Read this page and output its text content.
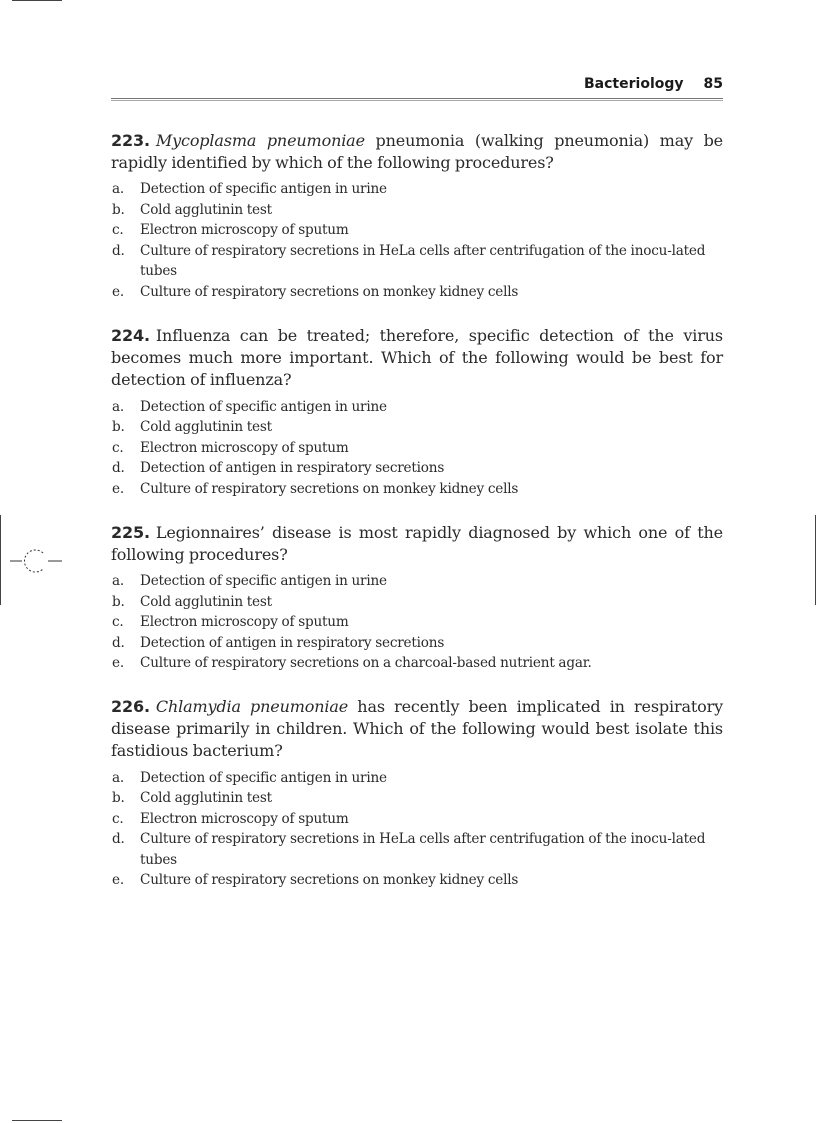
Bacteriology 85

223. Mycoplasma pneumoniae pneumonia (walking pneumonia) may be rapidly identified by which of the following procedures?

a. Detection of specific antigen in urine
b. Cold agglutinin test
c. Electron microscopy of sputum
d. Culture of respiratory secretions in HeLa cells after centrifugation of the inocu-lated tubes
e. Culture of respiratory secretions on monkey kidney cells

224. Influenza can be treated; therefore, specific detection of the virus becomes much more important. Which of the following would be best for detection of influenza?

a. Detection of specific antigen in urine
b. Cold agglutinin test
c. Electron microscopy of sputum
d. Detection of antigen in respiratory secretions
e. Culture of respiratory secretions on monkey kidney cells

225. Legionnaires’ disease is most rapidly diagnosed by which one of the following procedures?

a. Detection of specific antigen in urine
b. Cold agglutinin test
c. Electron microscopy of sputum
d. Detection of antigen in respiratory secretions
e. Culture of respiratory secretions on a charcoal-based nutrient agar.

226. Chlamydia pneumoniae has recently been implicated in respiratory disease primarily in children. Which of the following would best isolate this fastidious bacterium?

a. Detection of specific antigen in urine
b. Cold agglutinin test
c. Electron microscopy of sputum
d. Culture of respiratory secretions in HeLa cells after centrifugation of the inocu-lated tubes
e. Culture of respiratory secretions on monkey kidney cells
